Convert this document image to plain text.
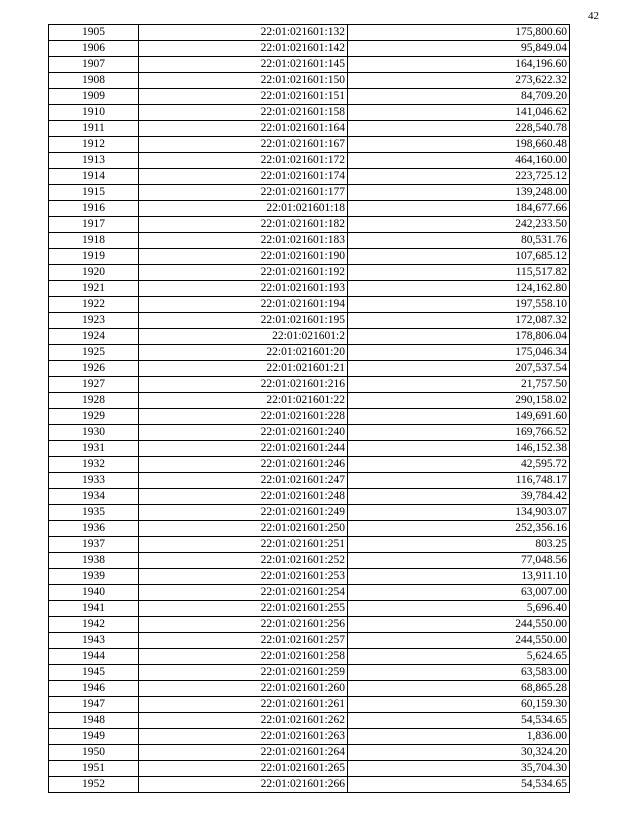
42
1905	22:01:021601:132	175,800.60
1906	22:01:021601:142	95,849.04
1907	22:01:021601:145	164,196.60
1908	22:01:021601:150	273,622.32
1909	22:01:021601:151	84,709.20
1910	22:01:021601:158	141,046.62
1911	22:01:021601:164	228,540.78
1912	22:01:021601:167	198,660.48
1913	22:01:021601:172	464,160.00
1914	22:01:021601:174	223,725.12
1915	22:01:021601:177	139,248.00
1916	22:01:021601:18	184,677.66
1917	22:01:021601:182	242,233.50
1918	22:01:021601:183	80,531.76
1919	22:01:021601:190	107,685.12
1920	22:01:021601:192	115,517.82
1921	22:01:021601:193	124,162.80
1922	22:01:021601:194	197,558.10
1923	22:01:021601:195	172,087.32
1924	22:01:021601:2	178,806.04
1925	22:01:021601:20	175,046.34
1926	22:01:021601:21	207,537.54
1927	22:01:021601:216	21,757.50
1928	22:01:021601:22	290,158.02
1929	22:01:021601:228	149,691.60
1930	22:01:021601:240	169,766.52
1931	22:01:021601:244	146,152.38
1932	22:01:021601:246	42,595.72
1933	22:01:021601:247	116,748.17
1934	22:01:021601:248	39,784.42
1935	22:01:021601:249	134,903.07
1936	22:01:021601:250	252,356.16
1937	22:01:021601:251	803.25
1938	22:01:021601:252	77,048.56
1939	22:01:021601:253	13,911.10
1940	22:01:021601:254	63,007.00
1941	22:01:021601:255	5,696.40
1942	22:01:021601:256	244,550.00
1943	22:01:021601:257	244,550.00
1944	22:01:021601:258	5,624.65
1945	22:01:021601:259	63,583.00
1946	22:01:021601:260	68,865.28
1947	22:01:021601:261	60,159.30
1948	22:01:021601:262	54,534.65
1949	22:01:021601:263	1,836.00
1950	22:01:021601:264	30,324.20
1951	22:01:021601:265	35,704.30
1952	22:01:021601:266	54,534.65
